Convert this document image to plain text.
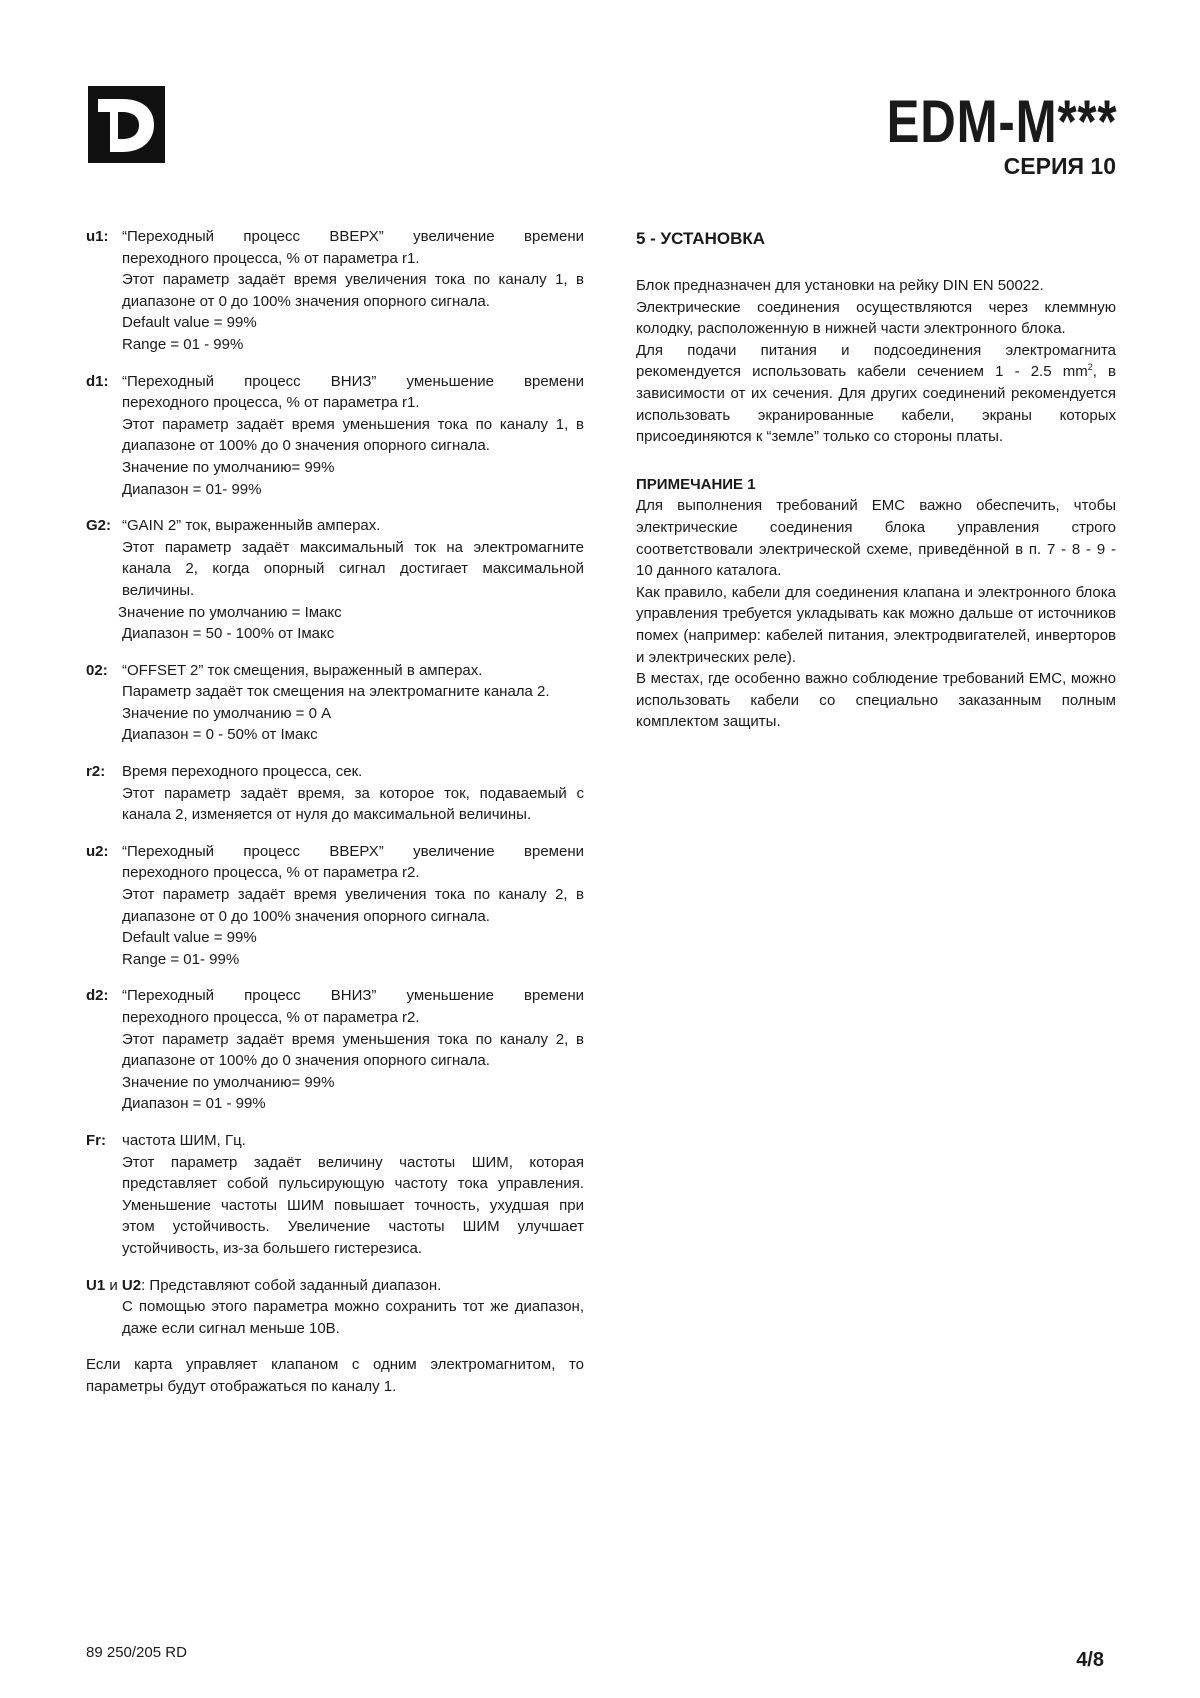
EDM-M***
СЕРИЯ 10
u1: “Переходный процесс ВВЕРХ” увеличение времени
переходного процесса, % от параметра r1.
Этот параметр задаёт время увеличения тока по каналу 1, в диапазоне от 0 до 100% значения опорного сигнала.
Default value = 99%
Range = 01 - 99%
d1: “Переходный процесс ВНИЗ” уменьшение времени
переходного процесса, % от параметра r1.
Этот параметр задаёт время уменьшения тока по каналу 1, в диапазоне от 100% до 0 значения опорного сигнала.
Значение по умолчанию= 99%
Диапазон = 01- 99%
G2: “GAIN 2” ток, выраженныйв амперах.
Этот параметр задаёт максимальный ток на электромагните канала 2, когда опорный сигнал достигает максимальной величины.
Значение по умолчанию = Iмакс
Диапазон = 50 - 100% от Iмакс
02: “OFFSET 2” ток смещения, выраженный в амперах.
Параметр задаёт ток смещения на электромагните канала 2.
Значение по умолчанию = 0 А
Диапазон = 0 - 50% от Iмакс
r2:	Время переходного процесса, сек.
Этот параметр задаёт время, за которое ток, подаваемый с канала 2, изменяется от нуля до максимальной величины.
u2: “Переходный процесс ВВЕРХ” увеличение времени
переходного процесса, % от параметра r2.
Этот параметр задаёт время увеличения тока по каналу 2, в диапазоне от 0 до 100% значения опорного сигнала.
Default value = 99%
Range = 01- 99%
d2: “Переходный процесс ВНИЗ” уменьшение времени
переходного процесса, % от параметра r2.
Этот параметр задаёт время уменьшения тока по каналу 2, в диапазоне от 100% до 0 значения опорного сигнала.
Значение по умолчанию= 99%
Диапазон = 01 - 99%
Fr:	частота ШИМ, Гц.
Этот параметр задаёт величину частоты ШИМ, которая представляет собой пульсирующую частоту тока управления. Уменьшение частоты ШИМ повышает точность, ухудшая при этом устойчивость. Увеличение частоты ШИМ улучшает устойчивость, из-за большего гистерезиса.
U1 и U2: Представляют собой заданный диапазон.
С помощью этого параметра можно сохранить тот же диапазон, даже если сигнал меньше 10В.
Если карта управляет клапаном с одним электромагнитом, то параметры будут отображаться по каналу 1.
5 - УСТАНОВКА
Блок предназначен для установки на рейку DIN EN 50022.
Электрические соединения осуществляются через клеммную колодку, расположенную в нижней части электронного блока.
Для подачи питания и подсоединения электромагнита рекомендуется использовать кабели сечением 1 - 2.5 $mm^2$, в зависимости от их сечения. Для других соединений рекомендуется использовать экранированные кабели, экраны которых присоединяются к “земле” только со стороны платы.
ПРИМЕЧАНИЕ 1
Для выполнения требований ЕМС важно обеспечить, чтобы электрические соединения блока управления строго соответствовали электрической схеме, приведённой в п. 7 - 8 - 9 - 10 данного каталога.
Как правило, кабели для соединения клапана и электронного блока управления требуется укладывать как можно дальше от источников помех (например: кабелей питания, электродвигателей, инверторов и электрических реле).
В местах, где особенно важно соблюдение требований ЕМС, можно использовать кабели со специально заказанным полным комплектом защиты.
89 250/205 RD	4/8
